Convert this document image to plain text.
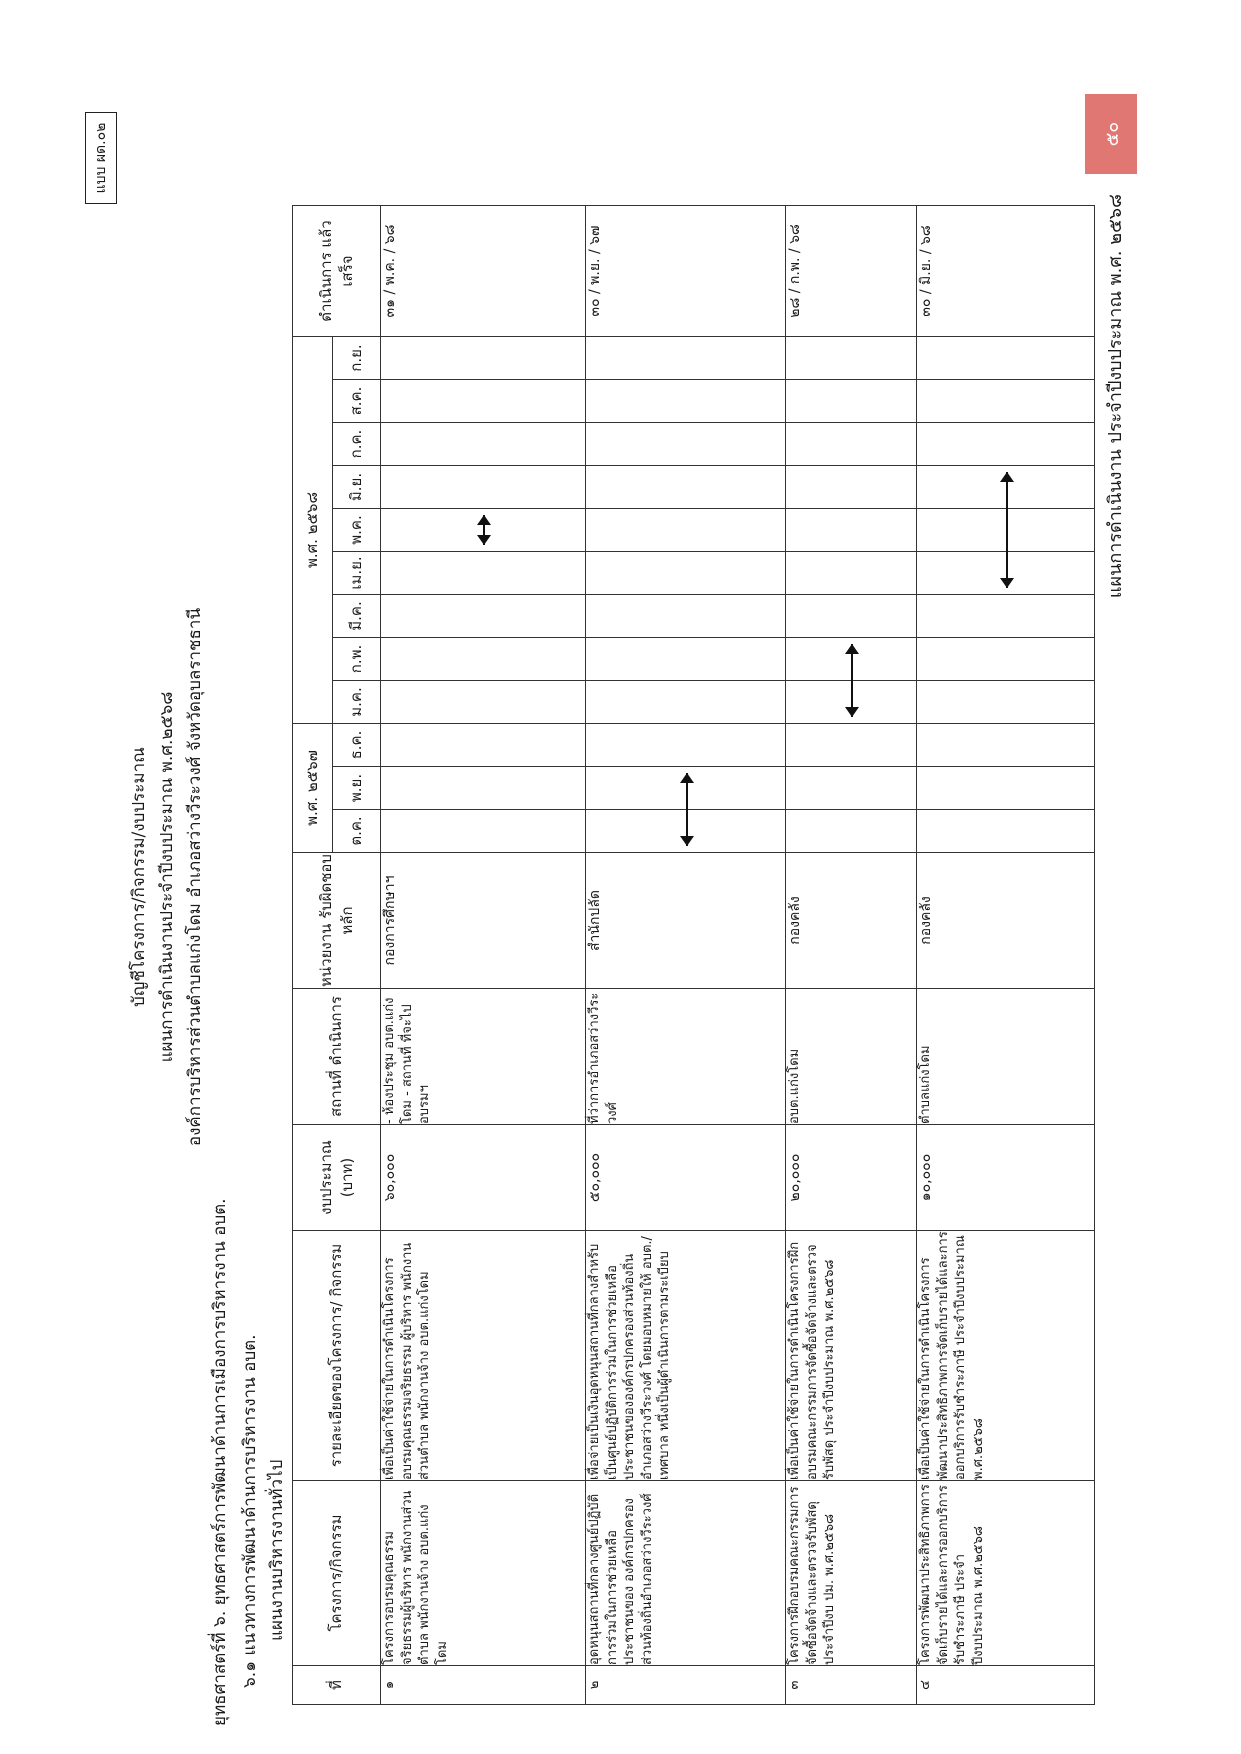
แบบ ผด.๐๒
บัญชีโครงการ/กิจกรรม/งบประมาณ แผนการดำเนินงานประจำปีงบประมาณ พ.ศ.๒๕๖๘ องค์การบริหารส่วนตำบลแก่งโดม อำเภอสว่างวีระวงศ์ จังหวัดอุบลราชธานี
ยุทธศาสตร์ที่ ๖. ยุทธศาสตร์การพัฒนาด้านการเมืองการบริหารงาน อบต. ๖.๑ แนวทางการพัฒนาด้านการบริหารงาน อบต. แผนงานบริหารงานทั่วไป
ที่	โครงการ/กิจกรรม	รายละเอียดของโครงการ/ กิจกรรม	งบประมาณ (บาท)	สถานที่ ดำเนินการ	หน่วยงาน รับผิดชอบหลัก	พ.ศ. ๒๕๖๗			พ.ศ. ๒๕๖๘									ดำเนินการ แล้วเสร็จ
						ต.ค.	พ.ย.	ธ.ค.	ม.ค.	ก.พ.	มี.ค.	เม.ย.	พ.ค.	มิ.ย.	ก.ค.	ส.ค.	ก.ย.	
๑	โครงการอบรมคุณธรรมจริยธรรมผู้บริหาร พนักงานส่วนตำบล พนักงานจ้าง อบต.แก่งโดม	เพื่อเป็นค่าใช้จ่ายในการดำเนินโครงการอบรมคุณธรรมจริยธรรม ผู้บริหาร พนักงานส่วนตำบล พนักงานจ้าง อบต.แก่งโดม	๖๐,๐๐๐	- ห้องประชุม อบต.แก่งโดม - สถานที่ ที่จะไปอบรมฯ	กองการศึกษาฯ													๓๑ / พ.ค. / ๖๘
๒	อุดหนุนสถานที่กลางศูนย์ปฏิบัติการร่วมในการช่วยเหลือประชาชนของ องค์กรปกครองส่วนท้องถิ่นอำเภอสว่างวีระวงศ์	เพื่อจ่ายเป็นเงินอุดหนุนสถานที่กลางสำหรับเป็นศูนย์ปฏิบัติการร่วมในการช่วยเหลือประชาชนขององค์กรปกครองส่วนท้องถิ่นอำเภอสว่างวีระวงศ์ โดยมอบหมายให้ อบต./เทศบาล หนึ่งเป็นผู้ดำเนินการตามระเบียบ	๕๐,๐๐๐	ที่ว่าการอำเภอสว่างวีระวงศ์	สำนักปลัด													๓๐ / พ.ย. / ๖๗
๓	โครงการฝึกอบรมคณะกรรมการจัดซื้อจัดจ้างและตรวจรับพัสดุ ประจำปีงบ ปม. พ.ศ.๒๕๖๘	เพื่อเป็นค่าใช้จ่ายในการดำเนินโครงการฝึกอบรมคณะกรรมการจัดซื้อจัดจ้างและตรวจรับพัสดุ ประจำปีงบประมาณ พ.ศ.๒๕๖๘	๒๐,๐๐๐	อบต.แก่งโดม	กองคลัง													๒๘ / ก.พ. / ๖๘
๔	โครงการพัฒนาประสิทธิภาพการจัดเก็บรายได้และการออกบริการรับชำระภาษี ประจำปีงบประมาณ พ.ศ.๒๕๖๘	เพื่อเป็นค่าใช้จ่ายในการดำเนินโครงการพัฒนาประสิทธิภาพการจัดเก็บรายได้และการออกบริการรับชำระภาษี ประจำปีงบประมาณ พ.ศ.๒๕๖๘	๑๐,๐๐๐	ตำบลแก่งโดม	กองคลัง													๓๐ / มิ.ย. / ๖๘	แผนการดำเนินงาน ประจำปีงบประมาณ พ.ศ. ๒๕๖๘
๕๐
